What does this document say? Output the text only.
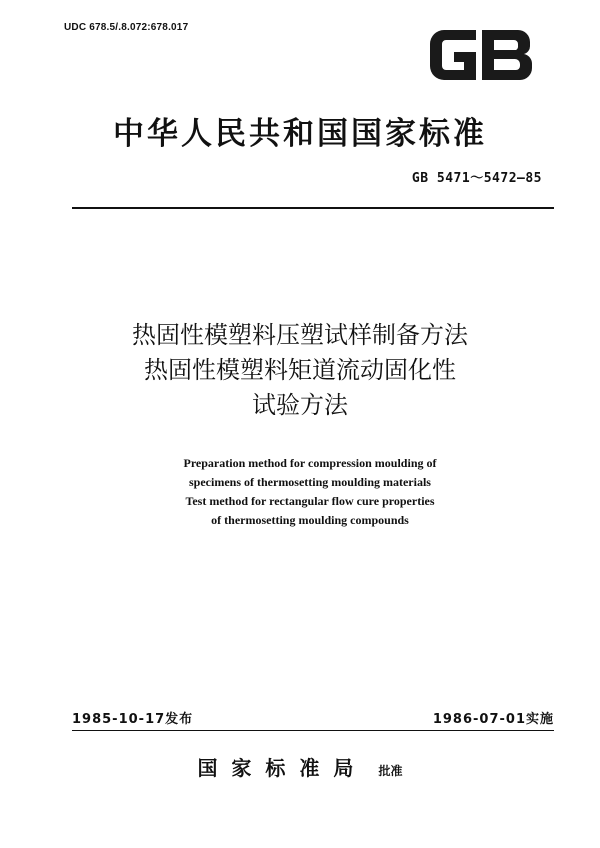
UDC 678.5/.8.072:678.017
中华人民共和国国家标准
GB 5471～5472—85
热固性模塑料压塑试样制备方法
热固性模塑料矩道流动固化性
试验方法
Preparation method for compression moulding of
specimens of thermosetting moulding materials
Test method for rectangular flow cure properties
of thermosetting moulding compounds
1985-10-17发布	1986-07-01实施
国家标准局 批准
